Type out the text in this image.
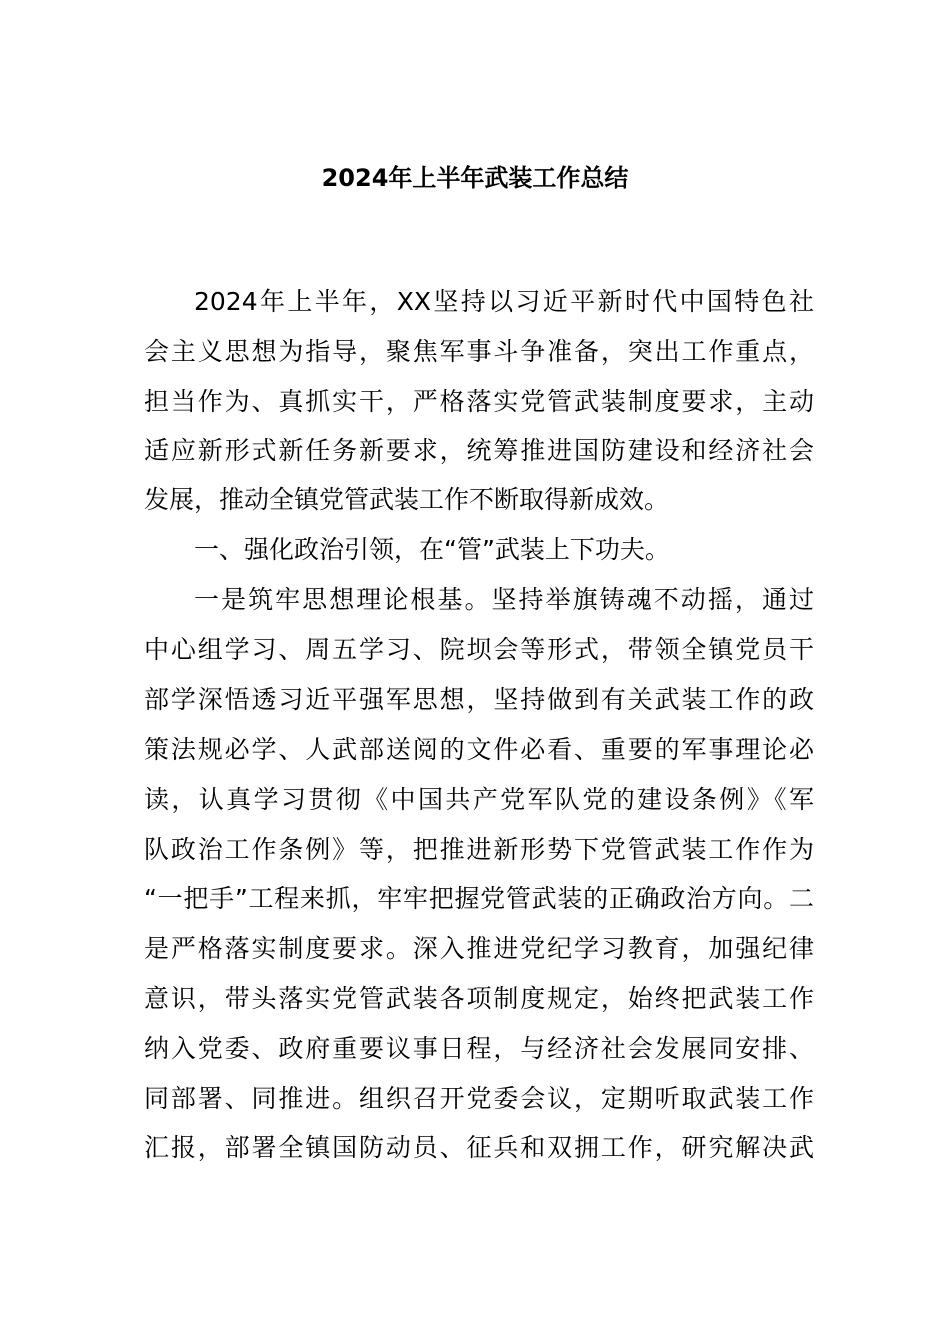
2024年上半年武装工作总结
2024年上半年，XX坚持以习近平新时代中国特色社
会主义思想为指导，聚焦军事斗争准备，突出工作重点，
担当作为、真抓实干，严格落实党管武装制度要求，主动
适应新形式新任务新要求，统筹推进国防建设和经济社会
发展，推动全镇党管武装工作不断取得新成效。
一、强化政治引领，在“管”武装上下功夫。
一是筑牢思想理论根基。坚持举旗铸魂不动摇，通过
中心组学习、周五学习、院坝会等形式，带领全镇党员干
部学深悟透习近平强军思想，坚持做到有关武装工作的政
策法规必学、人武部送阅的文件必看、重要的军事理论必
读，认真学习贯彻《中国共产党军队党的建设条例》《军
队政治工作条例》等，把推进新形势下党管武装工作作为
“一把手”工程来抓，牢牢把握党管武装的正确政治方向。二
是严格落实制度要求。深入推进党纪学习教育，加强纪律
意识，带头落实党管武装各项制度规定，始终把武装工作
纳入党委、政府重要议事日程，与经济社会发展同安排、
同部署、同推进。组织召开党委会议，定期听取武装工作
汇报，部署全镇国防动员、征兵和双拥工作，研究解决武
